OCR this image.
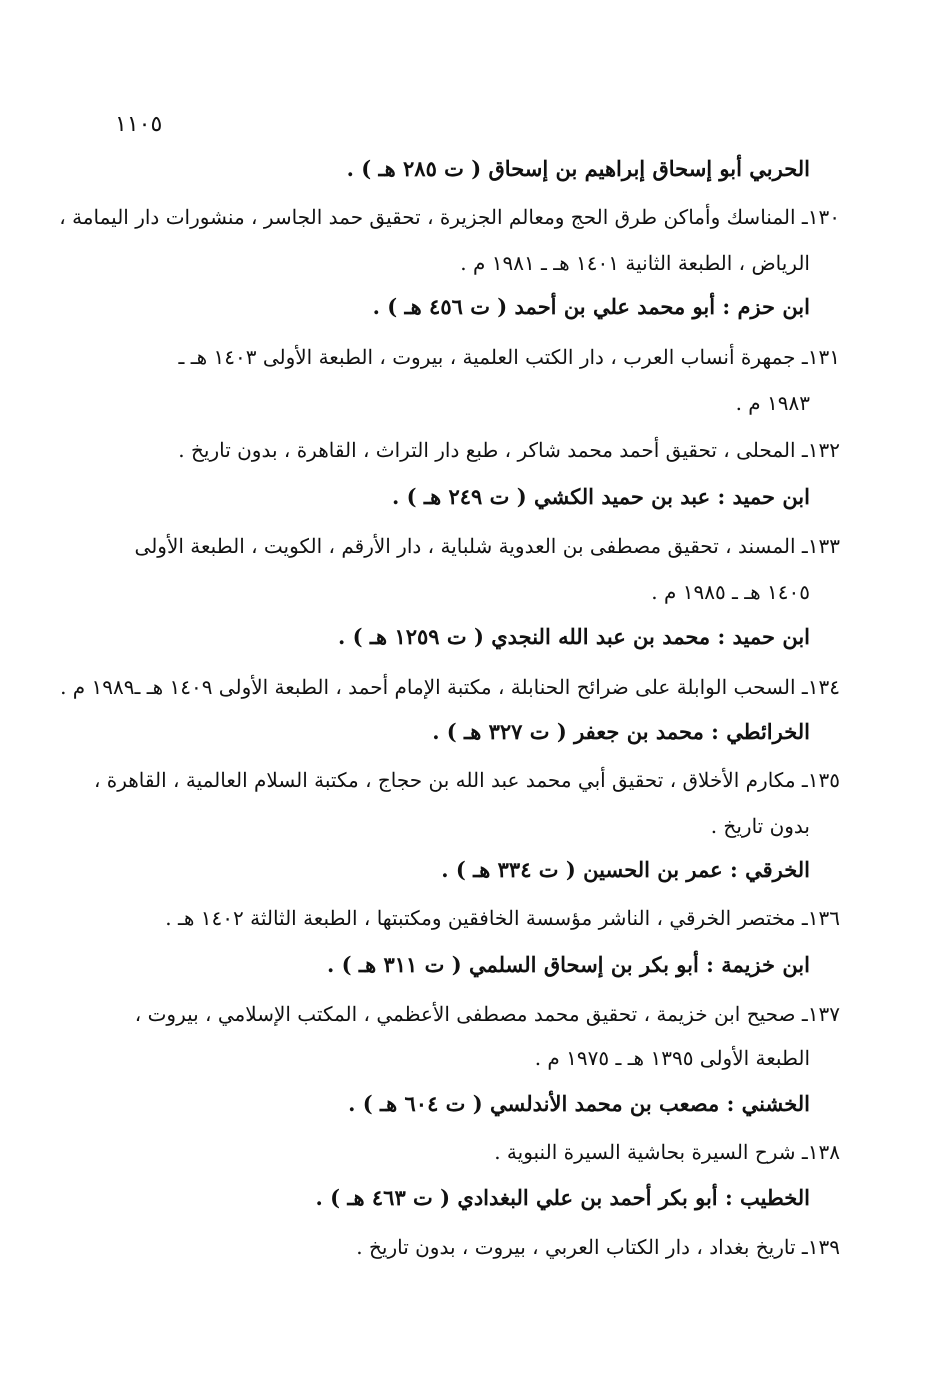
١١٠٥
الحربي أبو إسحاق إبراهيم بن إسحاق ( ت ٢٨٥ هـ ) .
١٣٠ـ المناسك وأماكن طرق الحج ومعالم الجزيرة ، تحقيق حمد الجاسر ، منشورات دار اليمامة ،
الرياض ، الطبعة الثانية ١٤٠١ هـ ـ ١٩٨١ م .
ابن حزم : أبو محمد علي بن أحمد ( ت ٤٥٦ هـ ) .
١٣١ـ جمهرة أنساب العرب ، دار الكتب العلمية ، بيروت ، الطبعة الأولى ١٤٠٣ هـ ـ
١٩٨٣ م .
١٣٢ـ المحلى ، تحقيق أحمد محمد شاكر ، طبع دار التراث ، القاهرة ، بدون تاريخ .
ابن حميد : عبد بن حميد الكشي ( ت ٢٤٩ هـ ) .
١٣٣ـ المسند ، تحقيق مصطفى بن العدوية شلباية ، دار الأرقم ، الكويت ، الطبعة الأولى
١٤٠٥ هـ ـ ١٩٨٥ م .
ابن حميد : محمد بن عبد الله النجدي ( ت ١٢٥٩ هـ ) .
١٣٤ـ السحب الوابلة على ضرائح الحنابلة ، مكتبة الإمام أحمد ، الطبعة الأولى ١٤٠٩ هـ ـ١٩٨٩ م .
الخرائطي : محمد بن جعفر ( ت ٣٢٧ هـ ) .
١٣٥ـ مكارم الأخلاق ، تحقيق أبي محمد عبد الله بن حجاج ، مكتبة السلام العالمية ، القاهرة ،
بدون تاريخ .
الخرقي : عمر بن الحسين ( ت ٣٣٤ هـ ) .
١٣٦ـ مختصر الخرقي ، الناشر مؤسسة الخافقين ومكتبتها ، الطبعة الثالثة ١٤٠٢ هـ .
ابن خزيمة : أبو بكر بن إسحاق السلمي ( ت ٣١١ هـ ) .
١٣٧ـ صحيح ابن خزيمة ، تحقيق محمد مصطفى الأعظمي ، المكتب الإسلامي ، بيروت ،
الطبعة الأولى ١٣٩٥ هـ ـ ١٩٧٥ م .
الخشني : مصعب بن محمد الأندلسي ( ت ٦٠٤ هـ ) .
١٣٨ـ شرح السيرة بحاشية السيرة النبوية .
الخطيب : أبو بكر أحمد بن علي البغدادي ( ت ٤٦٣ هـ ) .
١٣٩ـ تاريخ بغداد ، دار الكتاب العربي ، بيروت ، بدون تاريخ .
